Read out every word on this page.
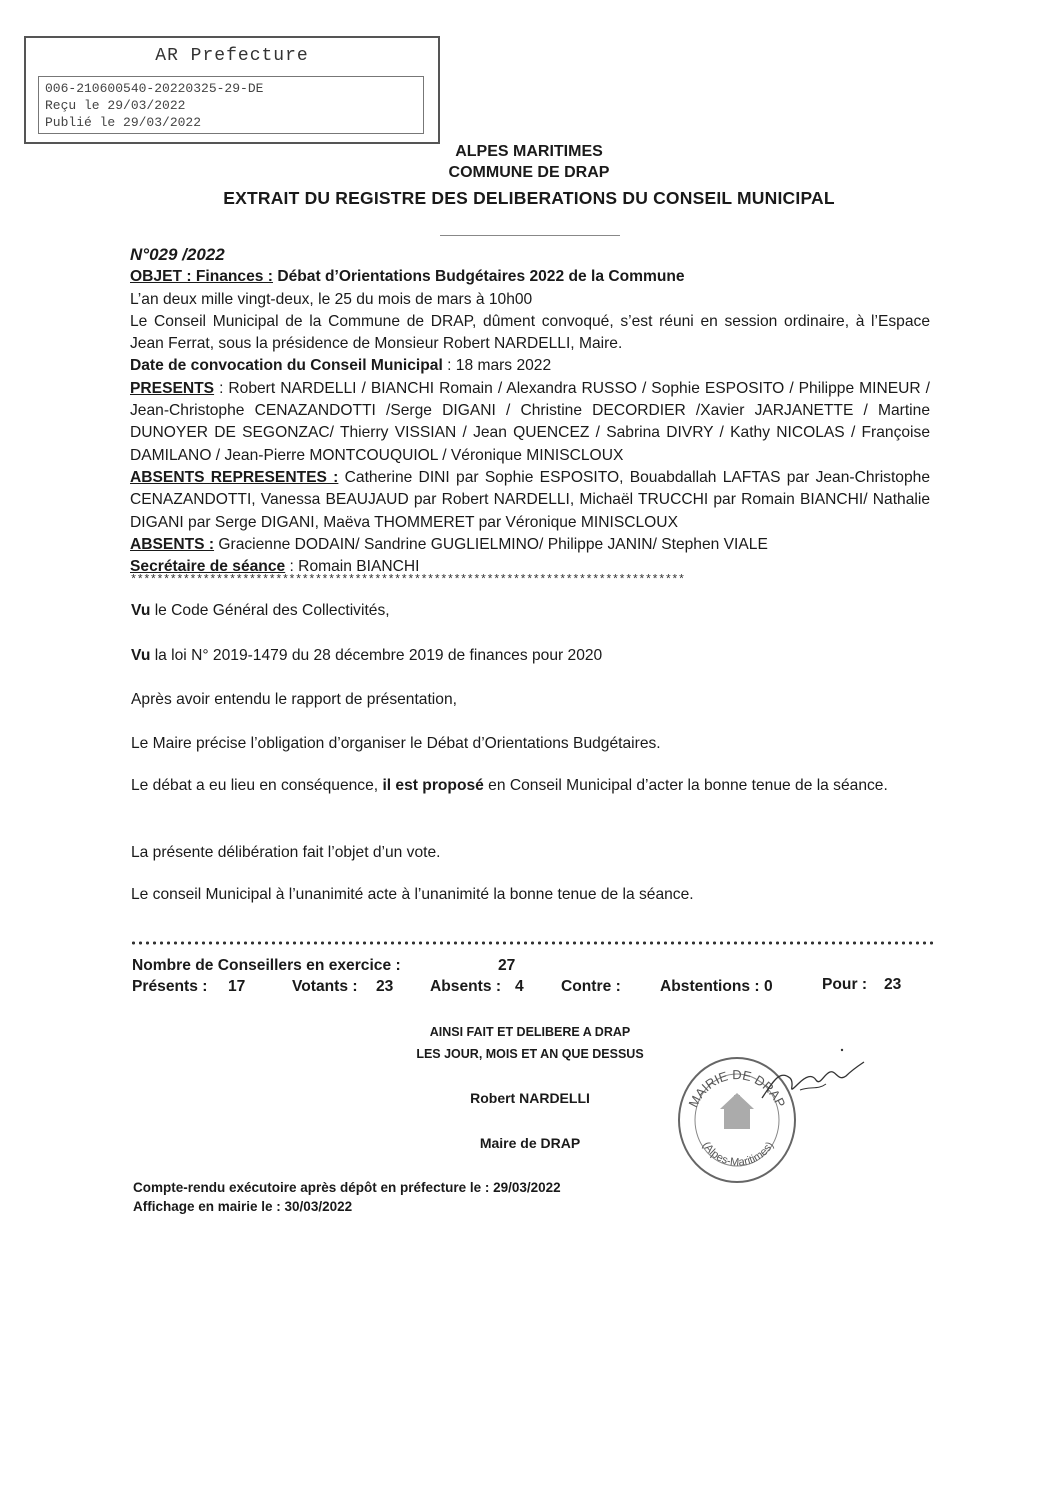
AR Prefecture
006-210600540-20220325-29-DE
Reçu le 29/03/2022
Publié le 29/03/2022
ALPES MARITIMES
COMMUNE DE DRAP
EXTRAIT DU REGISTRE DES DELIBERATIONS DU CONSEIL MUNICIPAL

N°029 /2022

OBJET : Finances : Débat d’Orientations Budgétaires 2022 de la Commune

L’an deux mille vingt-deux, le 25 du mois de mars à 10h00

Le Conseil Municipal de la Commune de DRAP, dûment convoqué, s’est réuni en session ordinaire, à l’Espace Jean Ferrat, sous la présidence de Monsieur Robert NARDELLI, Maire.

Date de convocation du Conseil Municipal : 18 mars 2022

PRESENTS : Robert NARDELLI / BIANCHI Romain / Alexandra RUSSO / Sophie ESPOSITO / Philippe MINEUR / Jean-Christophe CENAZANDOTTI /Serge DIGANI / Christine DECORDIER /Xavier JARJANETTE / Martine DUNOYER DE SEGONZAC/ Thierry VISSIAN / Jean QUENCEZ / Sabrina DIVRY / Kathy NICOLAS / Françoise DAMILANO / Jean-Pierre MONTCOUQUIOL / Véronique MINISCLOUX

ABSENTS REPRESENTES : Catherine DINI par Sophie ESPOSITO, Bouabdallah LAFTAS par Jean-Christophe CENAZANDOTTI, Vanessa BEAUJAUD par Robert NARDELLI, Michaël TRUCCHI par Romain BIANCHI/ Nathalie DIGANI par Serge DIGANI, Maëva THOMMERET par Véronique MINISCLOUX

ABSENTS : Gracienne DODAIN/ Sandrine GUGLIELMINO/ Philippe JANIN/ Stephen VIALE

Secrétaire de séance : Romain BIANCHI

************************************************************************************
Vu le Code Général des Collectivités,
Vu la loi N° 2019-1479 du 28 décembre 2019 de finances pour 2020
Après avoir entendu le rapport de présentation,
Le Maire précise l’obligation d’organiser le Débat d’Orientations Budgétaires.
Le débat a eu lieu en conséquence, il est proposé en Conseil Municipal d’acter la bonne tenue de la séance.
La présente délibération fait l’objet d’un vote.
Le conseil Municipal à l’unanimité acte à l’unanimité la bonne tenue de la séance.
Nombre de Conseillers en exercice :	27
Présents : 17	Votants : 23 Absents : 4 Contre :	Abstentions : 0	Pour : 23
AINSI FAIT ET DELIBERE A DRAP
LES JOUR, MOIS ET AN QUE DESSUS
Robert NARDELLI
Maire de DRAP
MAIRIE DE DRAP
(Alpes-Maritimes)
Compte-rendu exécutoire après dépôt en préfecture le : 29/03/2022
Affichage en mairie le : 30/03/2022
